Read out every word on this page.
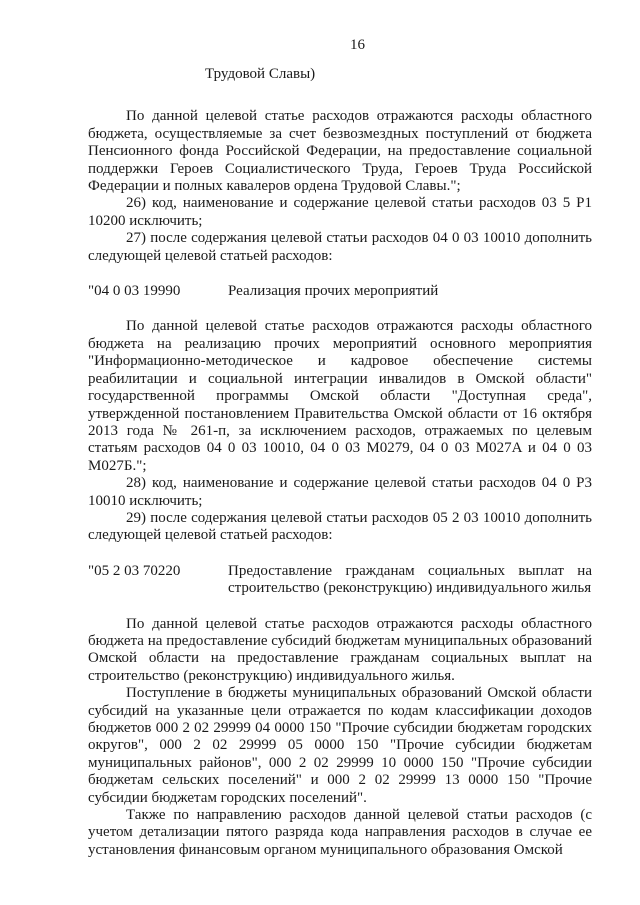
16

Трудовой Славы)

По данной целевой статье расходов отражаются расходы областного бюджета, осуществляемые за счет безвозмездных поступлений от бюджета Пенсионного фонда Российской Федерации, на предоставление социальной поддержки Героев Социалистического Труда, Героев Труда Российской Федерации и полных кавалеров ордена Трудовой Славы.";

26) код, наименование и содержание целевой статьи расходов 03 5 P1 10200 исключить;

27) после содержания целевой статьи расходов 04 0 03 10010 дополнить следующей целевой статьей расходов:

"04 0 03 19990	Реализация прочих мероприятий

По данной целевой статье расходов отражаются расходы областного бюджета на реализацию прочих мероприятий основного мероприятия "Информационно-методическое и кадровое обеспечение системы реабилитации и социальной интеграции инвалидов в Омской области" государственной программы Омской области "Доступная среда", утвержденной постановлением Правительства Омской области от 16 октября 2013 года № 261-п, за исключением расходов, отражаемых по целевым статьям расходов 04 0 03 10010, 04 0 03 M0279, 04 0 03 M027A и 04 0 03 M027Б.";

28) код, наименование и содержание целевой статьи расходов 04 0 P3 10010 исключить;

29) после содержания целевой статьи расходов 05 2 03 10010 дополнить следующей целевой статьей расходов:

"05 2 03 70220	Предоставление гражданам социальных выплат на строительство (реконструкцию) индивидуального жилья

По данной целевой статье расходов отражаются расходы областного бюджета на предоставление субсидий бюджетам муниципальных образований Омской области на предоставление гражданам социальных выплат на строительство (реконструкцию) индивидуального жилья.

Поступление в бюджеты муниципальных образований Омской области субсидий на указанные цели отражается по кодам классификации доходов бюджетов 000 2 02 29999 04 0000 150 "Прочие субсидии бюджетам городских округов", 000 2 02 29999 05 0000 150 "Прочие субсидии бюджетам муниципальных районов", 000 2 02 29999 10 0000 150 "Прочие субсидии бюджетам сельских поселений" и 000 2 02 29999 13 0000 150 "Прочие субсидии бюджетам городских поселений".

Также по направлению расходов данной целевой статьи расходов (с учетом детализации пятого разряда кода направления расходов в случае ее установления финансовым органом муниципального образования Омской
